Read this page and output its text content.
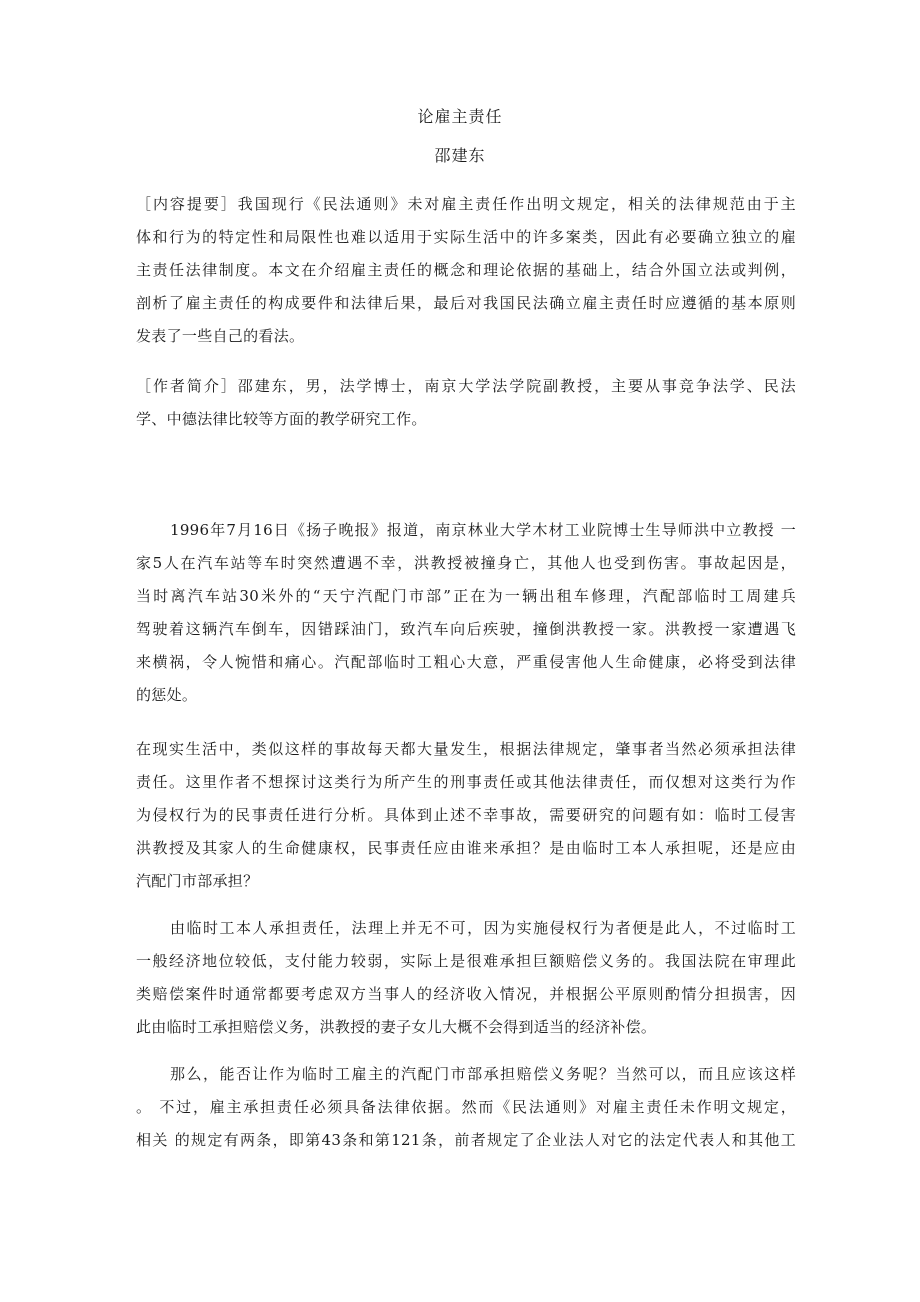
论雇主责任
邵建东
［内容提要］我国现行《民法通则》未对雇主责任作出明文规定，相关的法律规范由于主
体和行为的特定性和局限性也难以适用于实际生活中的许多案类，因此有必要确立独立的雇
主责任法律制度。本文在介绍雇主责任的概念和理论依据的基础上，结合外国立法或判例，
剖析了雇主责任的构成要件和法律后果，最后对我国民法确立雇主责任时应遵循的基本原则
发表了一些自己的看法。
［作者简介］邵建东，男，法学博士，南京大学法学院副教授，主要从事竞争法学、民法
学、中德法律比较等方面的教学研究工作。
1996年7月16日《扬子晚报》报道，南京林业大学木材工业院博士生导师洪中立教授 一
家5人在汽车站等车时突然遭遇不幸，洪教授被撞身亡，其他人也受到伤害。事故起因是，
当时离汽车站30米外的“天宁汽配门市部”正在为一辆出租车修理，汽配部临时工周建兵
驾驶着这辆汽车倒车，因错踩油门，致汽车向后疾驶，撞倒洪教授一家。洪教授一家遭遇飞
来横祸，令人惋惜和痛心。汽配部临时工粗心大意，严重侵害他人生命健康，必将受到法律
的惩处。
在现实生活中，类似这样的事故每天都大量发生，根据法律规定，肇事者当然必须承担法律
责任。这里作者不想探讨这类行为所产生的刑事责任或其他法律责任，而仅想对这类行为作
为侵权行为的民事责任进行分析。具体到止述不幸事故，需要研究的问题有如：临时工侵害
洪教授及其家人的生命健康权，民事责任应由谁来承担？是由临时工本人承担呢，还是应由
汽配门市部承担？
由临时工本人承担责任，法理上并无不可，因为实施侵权行为者便是此人，不过临时工
一般经济地位较低，支付能力较弱，实际上是很难承担巨额赔偿义务的。我国法院在审理此
类赔偿案件时通常都要考虑双方当事人的经济收入情况，并根据公平原则酌情分担损害，因
此由临时工承担赔偿义务，洪教授的妻子女儿大概不会得到适当的经济补偿。
那么，能否让作为临时工雇主的汽配门市部承担赔偿义务呢？当然可以，而且应该这样
。 不过，雇主承担责任必须具备法律依据。然而《民法通则》对雇主责任未作明文规定，
相关 的规定有两条，即第43条和第121条，前者规定了企业法人对它的法定代表人和其他工
